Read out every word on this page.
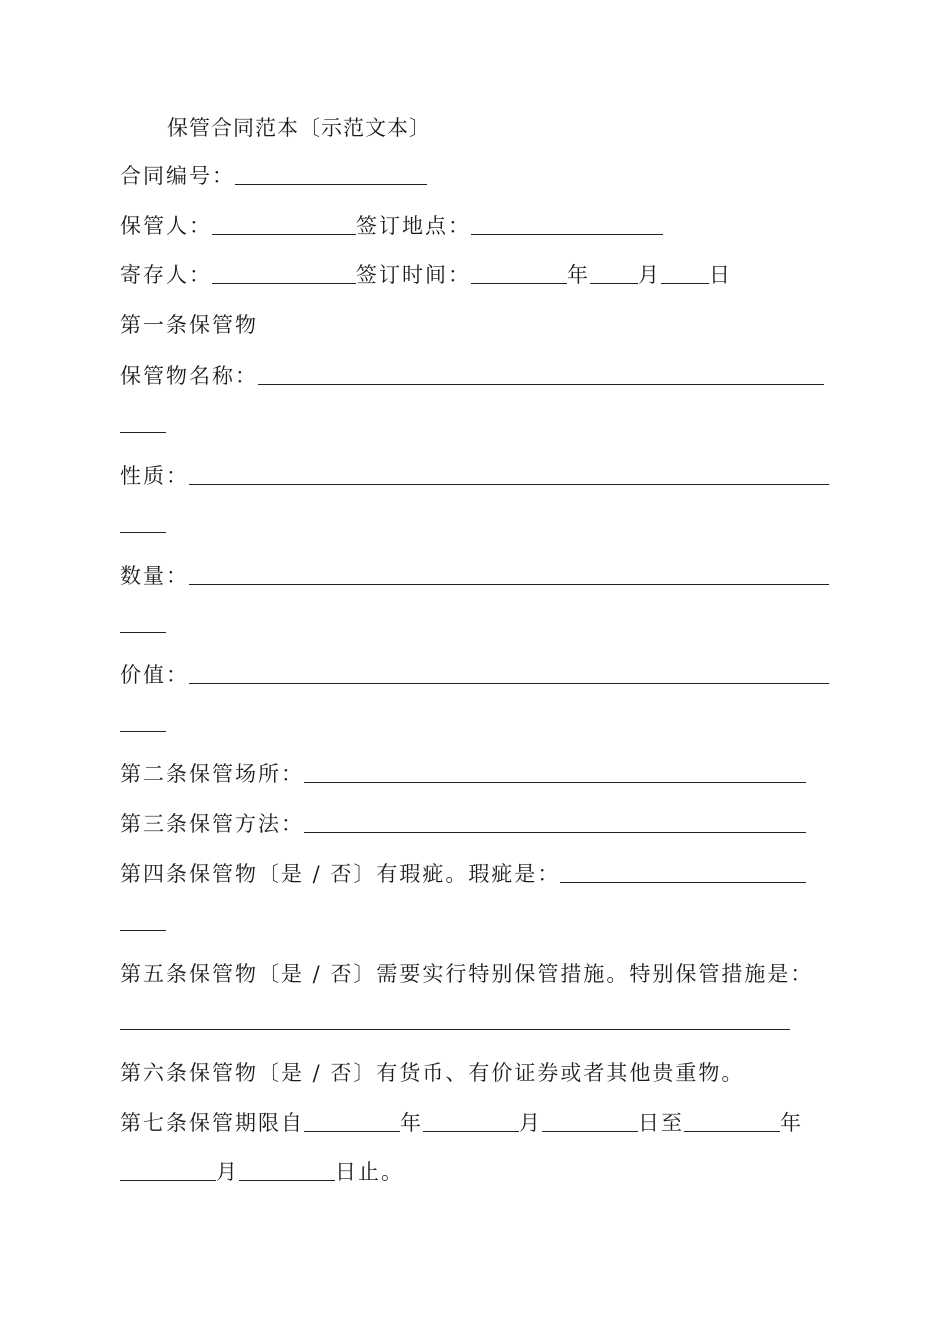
保管合同范本〔示范文本〕
合同编号：
保管人：	签订地点：
寄存人：	签订时间：	年 月 日
第一条保管物
保管物名称：
性质：
数量：
价值：
第二条保管场所：
第三条保管方法：
第四条保管物〔是 / 否〕有瑕疵。瑕疵是：
第五条保管物〔是 / 否〕需要实行特别保管措施。特别保管措施是：
第六条保管物〔是 / 否〕有货币、有价证券或者其他贵重物。
第七条保管期限自	年	月	日至	年
月	日止。
